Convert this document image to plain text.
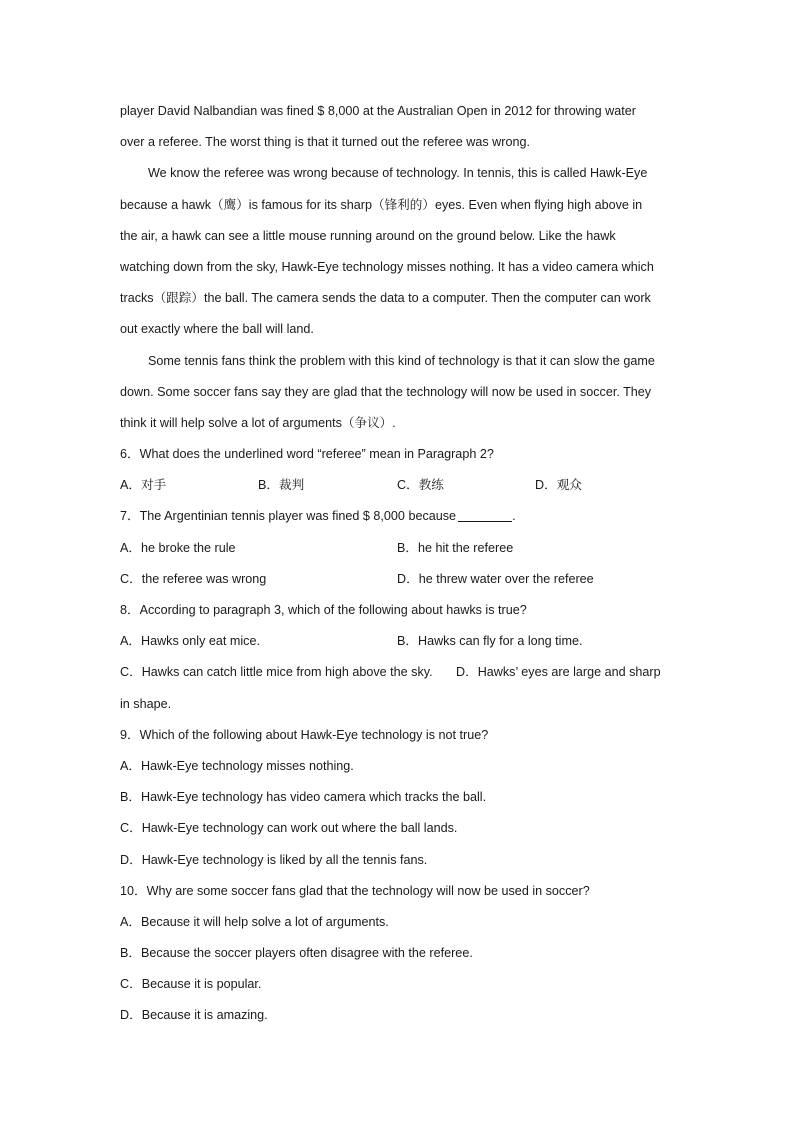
player David Nalbandian was fined $ 8,000 at the Australian Open in 2012 for throwing water
over a referee. The worst thing is that it turned out the referee was wrong.
We know the referee was wrong because of technology. In tennis, this is called Hawk-Eye
because a hawk（鹰）is famous for its sharp（锋利的）eyes. Even when flying high above in
the air, a hawk can see a little mouse running around on the ground below. Like the hawk
watching down from the sky, Hawk-Eye technology misses nothing. It has a video camera which
tracks（跟踪）the ball. The camera sends the data to a computer. Then the computer can work
out exactly where the ball will land.
Some tennis fans think the problem with this kind of technology is that it can slow the game
down. Some soccer fans say they are glad that the technology will now be used in soccer. They
think it will help solve a lot of arguments（争议）.
6．What does the underlined word “referee” mean in Paragraph 2?
A．对手	B．裁判	C．教练	D．观众
7．The Argentinian tennis player was fined $ 8,000 because	.
A．he broke the rule	B．he hit the referee
C．the referee was wrong	D．he threw water over the referee
8．According to paragraph 3, which of the following about hawks is true?
A．Hawks only eat mice.	B．Hawks can fly for a long time.
C．Hawks can catch little mice from high above the sky. D．Hawks’ eyes are large and sharp
in shape.
9．Which of the following about Hawk-Eye technology is not true?
A．Hawk-Eye technology misses nothing.
B．Hawk-Eye technology has video camera which tracks the ball.
C．Hawk-Eye technology can work out where the ball lands.
D．Hawk-Eye technology is liked by all the tennis fans.
10．Why are some soccer fans glad that the technology will now be used in soccer?
A．Because it will help solve a lot of arguments.
B．Because the soccer players often disagree with the referee.
C．Because it is popular.
D．Because it is amazing.
